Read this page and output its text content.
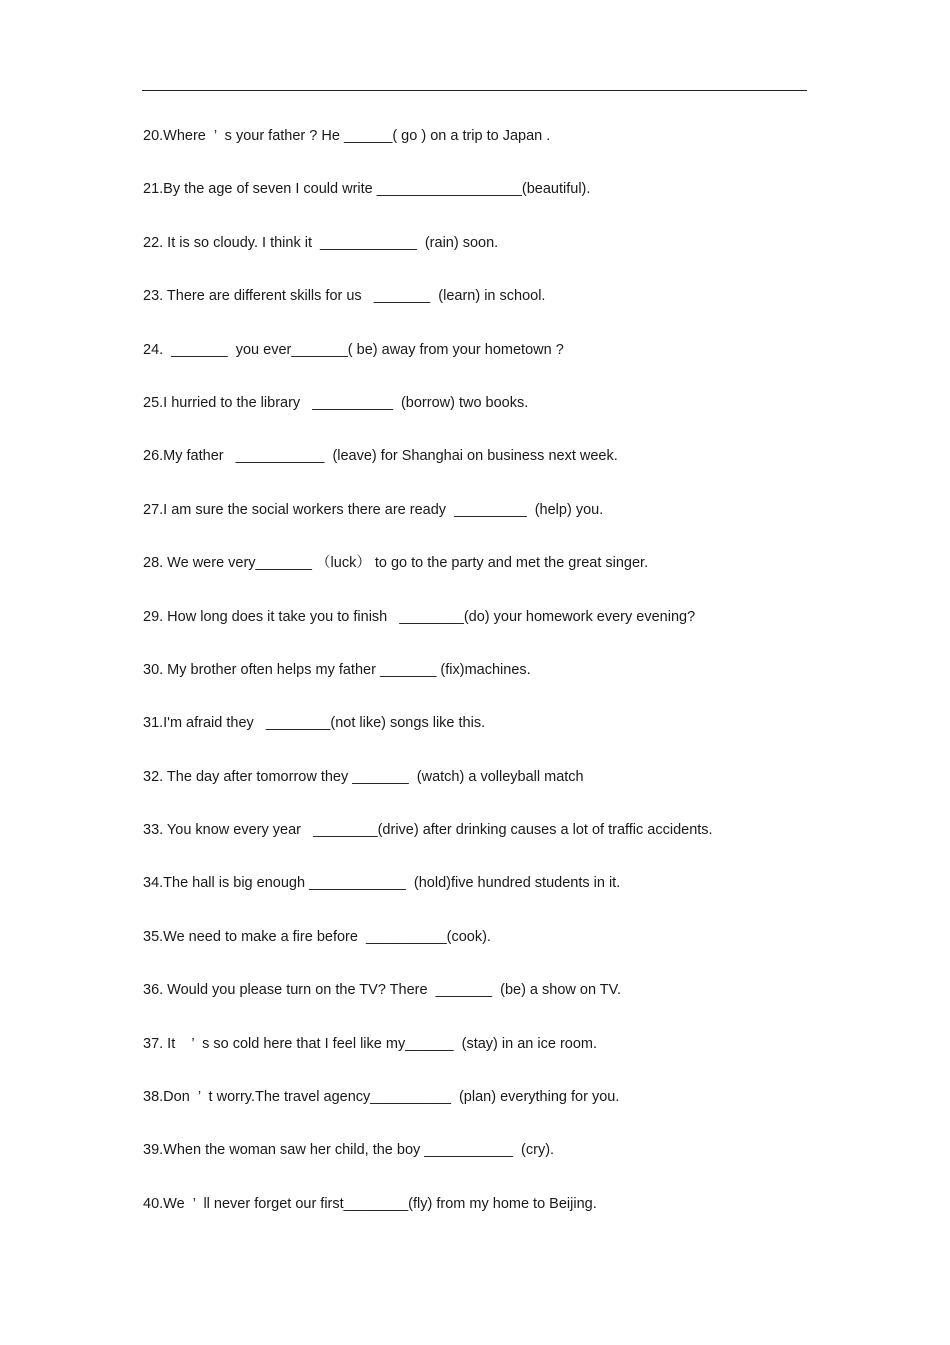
20.Where  ’  s your father ? He ______( go ) on a trip to Japan .
21.By the age of seven I could write __________________(beautiful).
22. It is so cloudy. I think it  ____________  (rain) soon.
23. There are different skills for us   _______  (learn) in school.
24.  _______  you ever_______( be) away from your hometown ?
25.I hurried to the library   __________  (borrow) two books.
26.My father   ___________  (leave) for Shanghai on business next week.
27.I am sure the social workers there are ready  _________  (help) you.
28. We were very_______ （luck） to go to the party and met the great singer.
29. How long does it take you to finish   ________(do) your homework every evening?
30. My brother often helps my father _______ (fix)machines.
31.I'm afraid they   ________(not like) songs like this.
32. The day after tomorrow they _______  (watch) a volleyball match
33. You know every year   ________(drive) after drinking causes a lot of traffic accidents.
34.The hall is big enough ____________  (hold)five hundred students in it.
35.We need to make a fire before  __________(cook).
36. Would you please turn on the TV? There  _______  (be) a show on TV.
37. It    ’  s so cold here that I feel like my______  (stay) in an ice room.
38.Don  ’  t worry.The travel agency__________  (plan) everything for you.
39.When the woman saw her child, the boy ___________  (cry).
40.We  ’  ll never forget our first________(fly) from my home to Beijing.
